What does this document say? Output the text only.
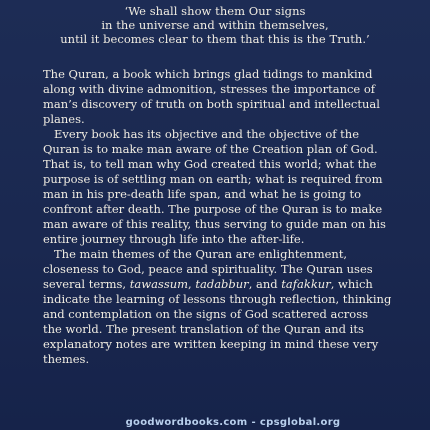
‘We shall show them Our signs
in the universe and within themselves,
until it becomes clear to them that this is the Truth.’
The Quran, a book which brings glad tidings to mankind
along with divine admonition, stresses the importance of
man’s discovery of truth on both spiritual and intellectual
planes.
Every book has its objective and the objective of the
Quran is to make man aware of the Creation plan of God.
That is, to tell man why God created this world; what the
purpose is of settling man on earth; what is required from
man in his pre-death life span, and what he is going to
confront after death. The purpose of the Quran is to make
man aware of this reality, thus serving to guide man on his
entire journey through life into the after-life.
The main themes of the Quran are enlightenment,
closeness to God, peace and spirituality. The Quran uses
several terms, tawassum, tadabbur, and tafakkur, which
indicate the learning of lessons through reflection, thinking
and contemplation on the signs of God scattered across
the world. The present translation of the Quran and its
explanatory notes are written keeping in mind these very
themes.
goodwordbooks.com - cpsglobal.org
